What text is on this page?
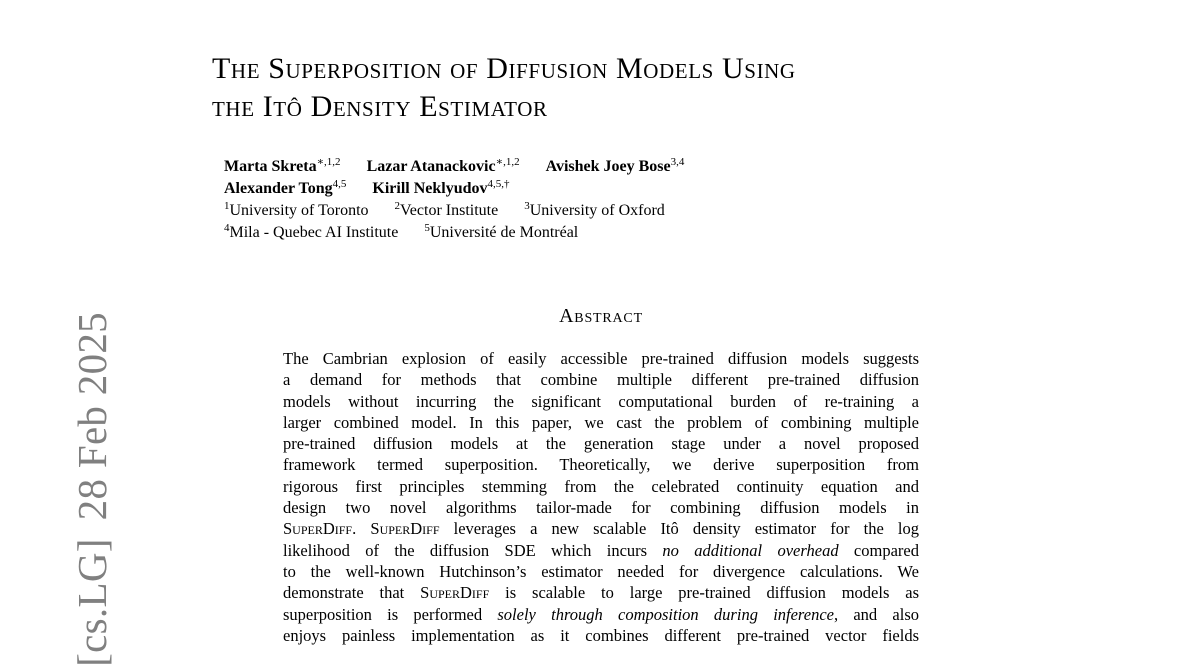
[cs.LG]28 Feb 2025
The Superposition of Diffusion Models Using
the Itô Density Estimator
Marta Skreta$^{∗,1,2}$ Lazar Atanackovic$^{∗,1,2}$ Avishek Joey Bose$^{3,4}$
Alexander Tong$^{4,5}$ Kirill Neklyudov$^{4,5,\dagger}$
$^1$University of Toronto $^2$Vector Institute $^3$University of Oxford
$^4$Mila - Quebec AI Institute $^5$Université de Montréal
Abstract
The Cambrian explosion of easily accessible pre-trained diffusion models suggests
a demand for methods that combine multiple different pre-trained diffusion
models without incurring the significant computational burden of re-training a
larger combined model. In this paper, we cast the problem of combining multiple
pre-trained diffusion models at the generation stage under a novel proposed
framework termed superposition. Theoretically, we derive superposition from
rigorous first principles stemming from the celebrated continuity equation and
design two novel algorithms tailor-made for combining diffusion models in
SuperDiff. SuperDiff leverages a new scalable Itô density estimator for the log
likelihood of the diffusion SDE which incurs no additional overhead compared
to the well-known Hutchinson’s estimator needed for divergence calculations. We
demonstrate that SuperDiff is scalable to large pre-trained diffusion models as
superposition is performed solely through composition during inference, and also
enjoys painless implementation as it combines different pre-trained vector fields
